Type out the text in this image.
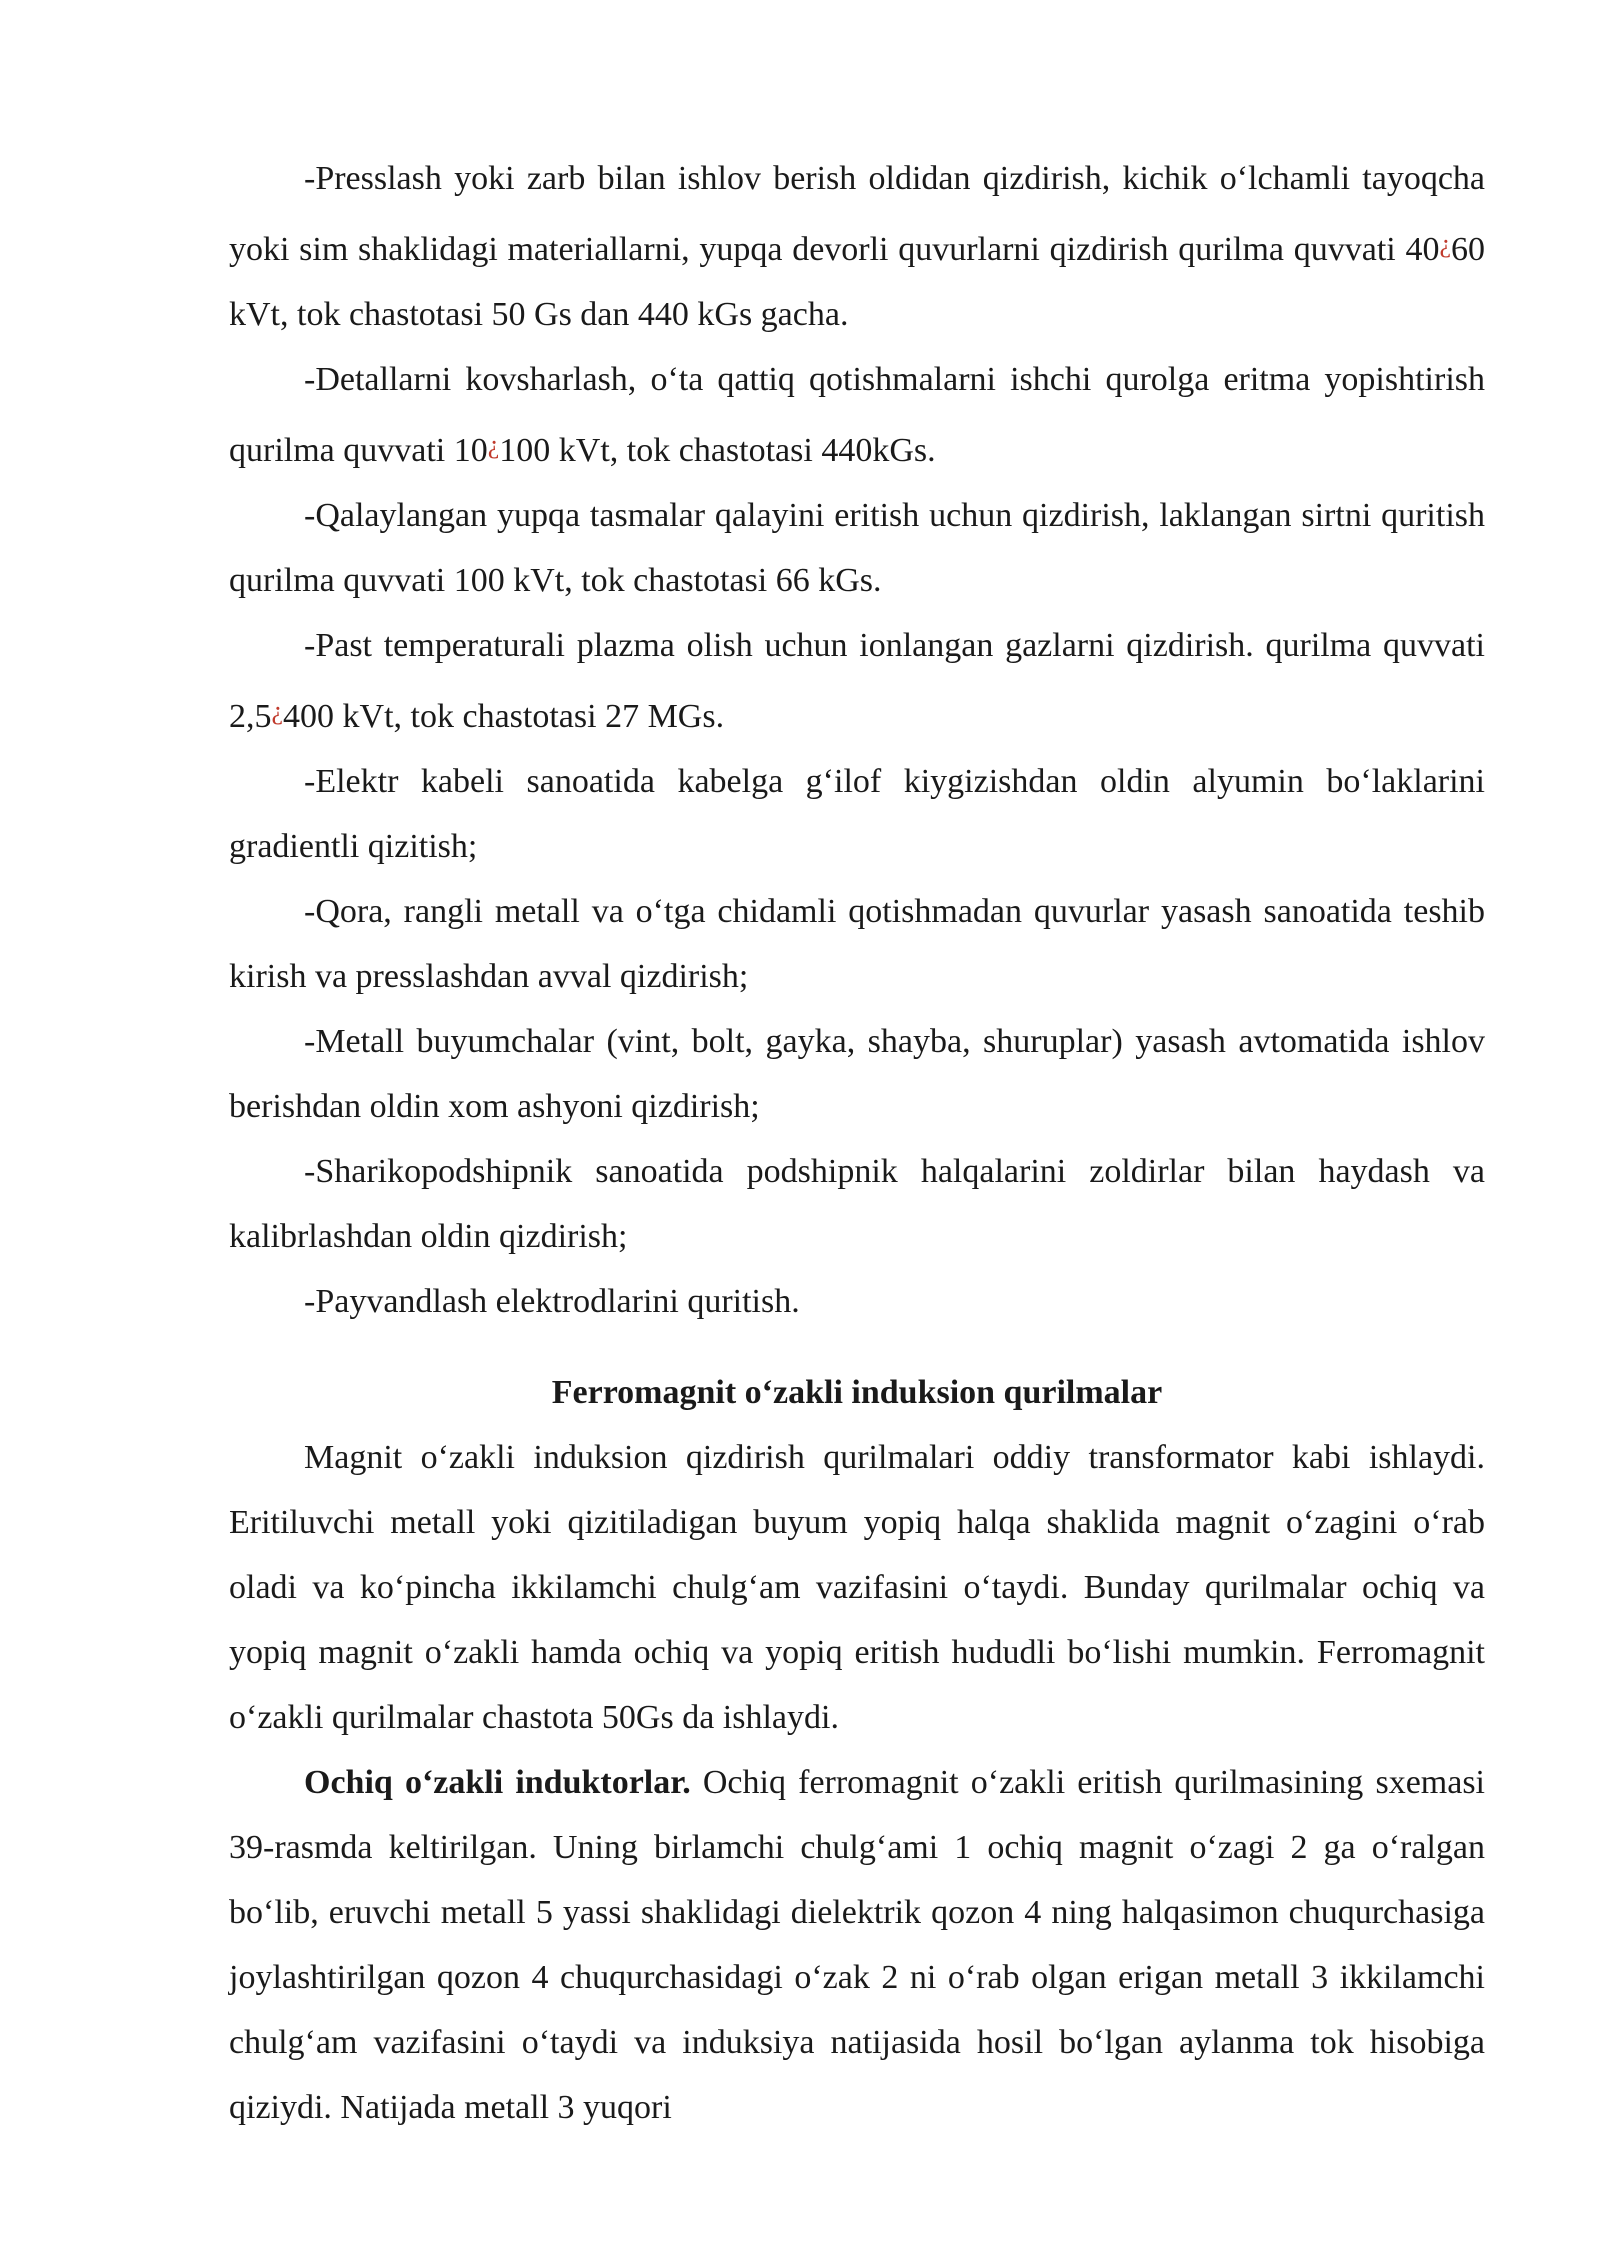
-Presslash yoki zarb bilan ishlov berish oldidan qizdirish, kichik o‘lchamli tayoqcha yoki sim shaklidagi materiallarni, yupqa devorli quvurlarni qizdirish qurilma quvvati 40¿60 kVt, tok chastotasi 50 Gs dan 440 kGs gacha.

-Detallarni kovsharlash, o‘ta qattiq qotishmalarni ishchi qurolga eritma yopishtirish qurilma quvvati 10¿100 kVt, tok chastotasi 440kGs.

-Qalaylangan yupqa tasmalar qalayini eritish uchun qizdirish, laklangan sirtni quritish qurilma quvvati 100 kVt, tok chastotasi 66 kGs.

-Past temperaturali plazma olish uchun ionlangan gazlarni qizdirish. qurilma quvvati 2,5¿400 kVt, tok chastotasi 27 MGs.

-Elektr kabeli sanoatida kabelga g‘ilof kiygizishdan oldin alyumin bo‘laklarini gradientli qizitish;

-Qora, rangli metall va o‘tga chidamli qotishmadan quvurlar yasash sanoatida teshib kirish va presslashdan avval qizdirish;

-Metall buyumchalar (vint, bolt, gayka, shayba, shuruplar) yasash avtomatida ishlov berishdan oldin xom ashyoni qizdirish;

-Sharikopodshipnik sanoatida podshipnik halqalarini zoldirlar bilan haydash va kalibrlashdan oldin qizdirish;

-Payvandlash elektrodlarini quritish.

Ferromagnit o‘zakli induksion qurilmalar

Magnit o‘zakli induksion qizdirish qurilmalari oddiy transformator kabi ishlaydi. Eritiluvchi metall yoki qizitiladigan buyum yopiq halqa shaklida magnit o‘zagini o‘rab oladi va ko‘pincha ikkilamchi chulg‘am vazifasini o‘taydi. Bunday qurilmalar ochiq va yopiq magnit o‘zakli hamda ochiq va yopiq eritish hududli bo‘lishi mumkin. Ferromagnit o‘zakli qurilmalar chastota 50Gs da ishlaydi.

Ochiq o‘zakli induktorlar. Ochiq ferromagnit o‘zakli eritish qurilmasining sxemasi 39-rasmda keltirilgan. Uning birlamchi chulg‘ami 1 ochiq magnit o‘zagi 2 ga o‘ralgan bo‘lib, eruvchi metall 5 yassi shaklidagi dielektrik qozon 4 ning halqasimon chuqurchasiga joylashtirilgan qozon 4 chuqurchasidagi o‘zak 2 ni o‘rab olgan erigan metall 3 ikkilamchi chulg‘am vazifasini o‘taydi va induksiya natijasida hosil bo‘lgan aylanma tok hisobiga qiziydi. Natijada metall 3 yuqori
